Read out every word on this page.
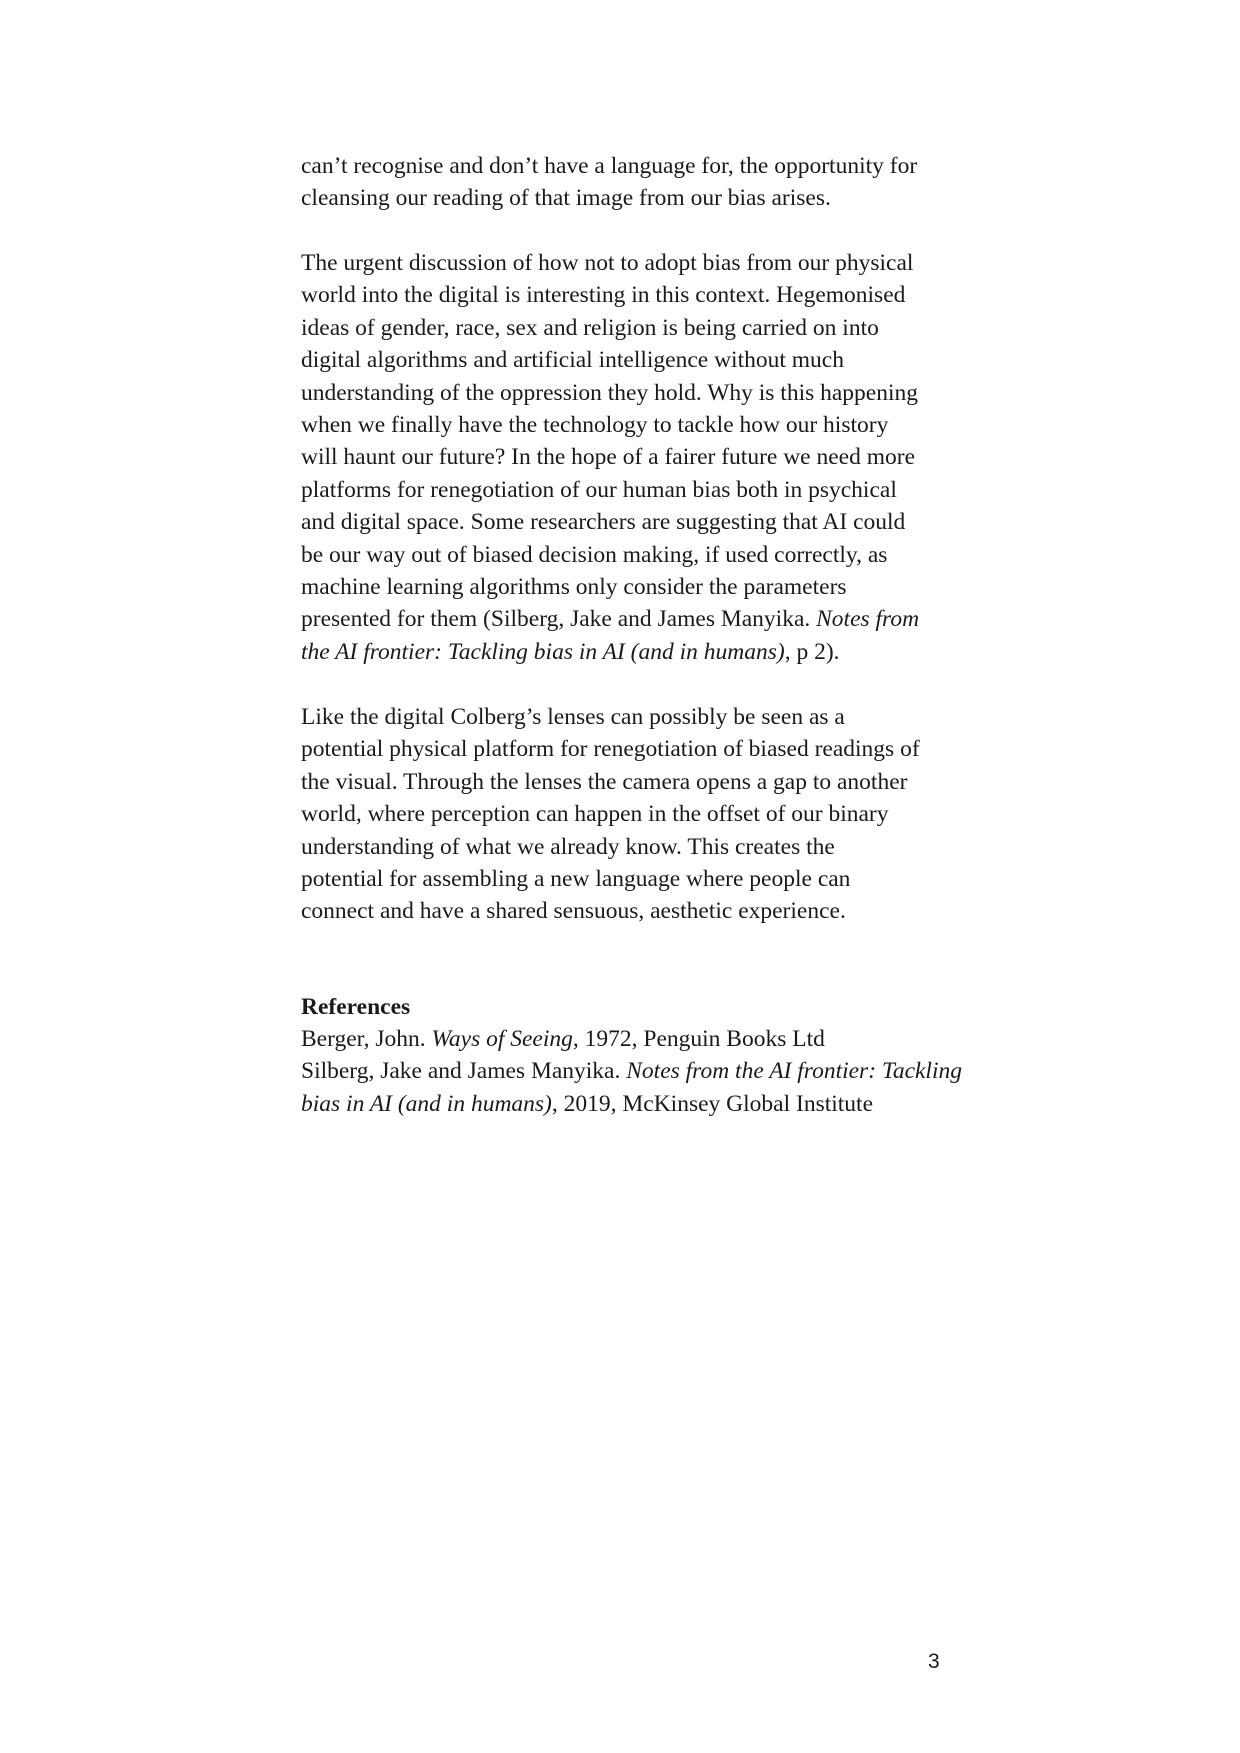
can’t recognise and don’t have a language for, the opportunity for
cleansing our reading of that image from our bias arises.
The urgent discussion of how not to adopt bias from our physical
world into the digital is interesting in this context. Hegemonised
ideas of gender, race, sex and religion is being carried on into
digital algorithms and artificial intelligence without much
understanding of the oppression they hold. Why is this happening
when we finally have the technology to tackle how our history
will haunt our future? In the hope of a fairer future we need more
platforms for renegotiation of our human bias both in psychical
and digital space. Some researchers are suggesting that AI could
be our way out of biased decision making, if used correctly, as
machine learning algorithms only consider the parameters
presented for them (Silberg, Jake and James Manyika. Notes from
the AI frontier: Tackling bias in AI (and in humans), p 2).
Like the digital Colberg’s lenses can possibly be seen as a
potential physical platform for renegotiation of biased readings of
the visual. Through the lenses the camera opens a gap to another
world, where perception can happen in the offset of our binary
understanding of what we already know. This creates the
potential for assembling a new language where people can
connect and have a shared sensuous, aesthetic experience.
References
Berger, John. Ways of Seeing, 1972, Penguin Books Ltd
Silberg, Jake and James Manyika. Notes from the AI frontier: Tackling
bias in AI (and in humans), 2019, McKinsey Global Institute
3
